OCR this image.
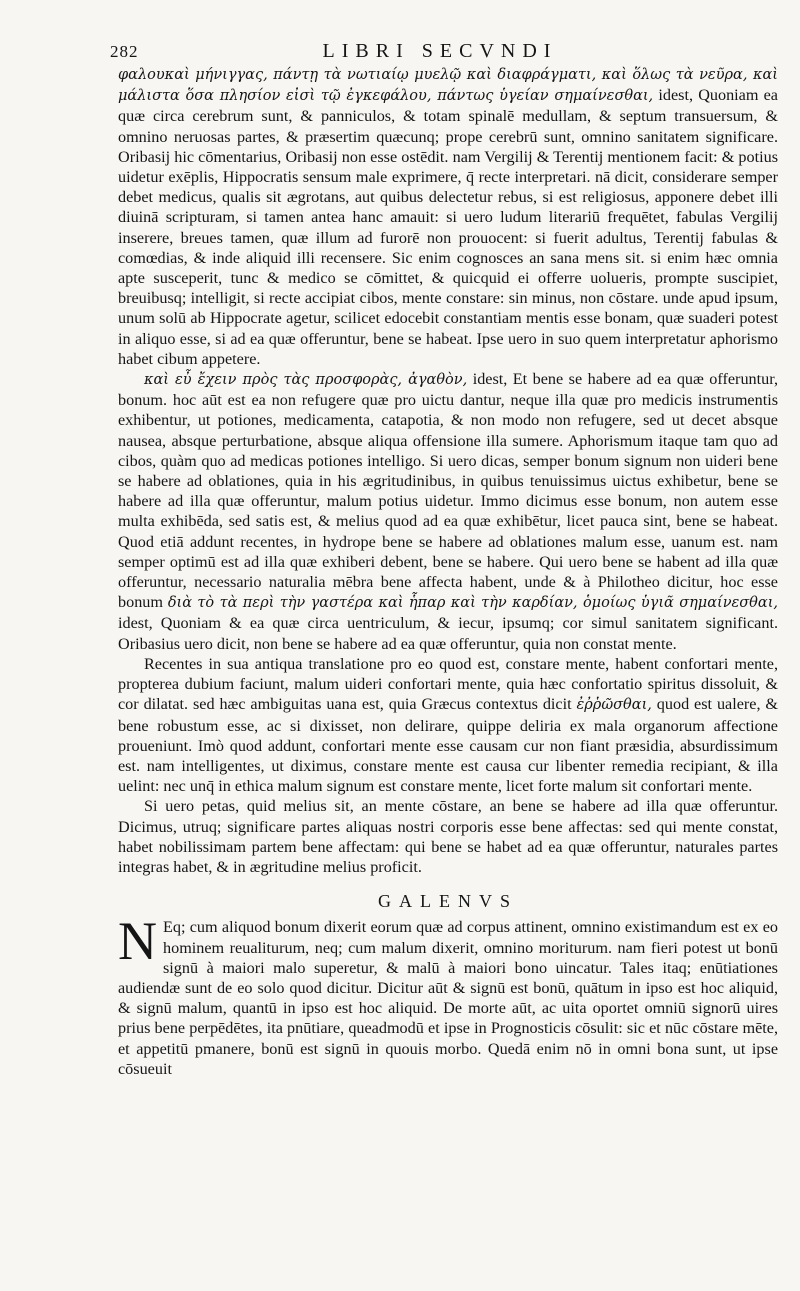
282	LIBRI SECVNDI

φαλουκαὶ μήνιγγας, πάντῃ τὰ νωτιαίῳ μυελῷ καὶ διαφράγματι, καὶ ὅλως τὰ νεῦρα, καὶ μάλιστα ὅσα πλησίον εἰσὶ τῷ ἐγκεφάλου, πάντως ὑγείαν σημαίνεσθαι, idest, Quoniam ea quæ circa cerebrum sunt, & panniculos, & totam spinalē medullam, & septum transuersum, & omnino neruosas partes, & præsertim quæcunq; prope cerebrū sunt, omnino sanitatem significare. Oribasij hic cōmentarius, Oribasij non esse ostēdit. nam Vergilij & Terentij mentionem facit: & potius uidetur exēplis, Hippocratis sensum male exprimere, q̄ recte interpretari. nā dicit, considerare semper debet medicus, qualis sit ægrotans, aut quibus delectetur rebus, si est religiosus, apponere debet illi diuinā scripturam, si tamen antea hanc amauit: si uero ludum literariū frequētet, fabulas Vergilij inserere, breues tamen, quæ illum ad furorē non prouocent: si fuerit adultus, Terentij fabulas & comœdias, & inde aliquid illi recensere. Sic enim cognosces an sana mens sit. si enim hæc omnia apte susceperit, tunc & medico se cōmittet, & quicquid ei offerre uolueris, prompte suscipiet, breuibusq; intelligit, si recte accipiat cibos, mente constare: sin minus, non cōstare. unde apud ipsum, unum solū ab Hippocrate agetur, scilicet edocebit constantiam mentis esse bonam, quæ suaderi potest in aliquo esse, si ad ea quæ offeruntur, bene se habeat. Ipse uero in suo quem interpretatur aphorismo habet cibum appetere.

καὶ εὖ ἔχειν πρὸς τὰς προσφορὰς, ἀγαθὸν, idest, Et bene se habere ad ea quæ offeruntur, bonum. hoc aūt est ea non refugere quæ pro uictu dantur, neque illa quæ pro medicis instrumentis exhibentur, ut potiones, medicamenta, catapotia, & non modo non refugere, sed ut decet absque nausea, absque perturbatione, absque aliqua offensione illa sumere. Aphorismum itaque tam quo ad cibos, quàm quo ad medicas potiones intelligo. Si uero dicas, semper bonum signum non uideri bene se habere ad oblationes, quia in his ægritudinibus, in quibus tenuissimus uictus exhibetur, bene se habere ad illa quæ offeruntur, malum potius uidetur. Immo dicimus esse bonum, non autem esse multa exhibēda, sed satis est, & melius quod ad ea quæ exhibētur, licet pauca sint, bene se habeat. Quod etiā addunt recentes, in hydrope bene se habere ad oblationes malum esse, uanum est. nam semper optimū est ad illa quæ exhiberi debent, bene se habere. Qui uero bene se habent ad illa quæ offeruntur, necessario naturalia mēbra bene affecta habent, unde & à Philotheo dicitur, hoc esse bonum διὰ τὸ τὰ περὶ τὴν γαστέρα καὶ ἧπαρ καὶ τὴν καρδίαν, ὁμοίως ὑγιᾶ σημαίνεσθαι, idest, Quoniam & ea quæ circa uentriculum, & iecur, ipsumq; cor simul sanitatem significant. Oribasius uero dicit, non bene se habere ad ea quæ offeruntur, quia non constat mente.

Recentes in sua antiqua translatione pro eo quod est, constare mente, habent confortari mente, propterea dubium faciunt, malum uideri confortari mente, quia hæc confortatio spiritus dissoluit, & cor dilatat. sed hæc ambiguitas uana est, quia Græcus contextus dicit ἐῤῥῶσθαι, quod est ualere, & bene robustum esse, ac si dixisset, non delirare, quippe deliria ex mala organorum affectione proueniunt. Imò quod addunt, confortari mente esse causam cur non fiant præsidia, absurdissimum est. nam intelligentes, ut diximus, constare mente est causa cur libenter remedia recipiant, & illa uelint: nec unq̄ in ethica malum signum est constare mente, licet forte malum sit confortari mente.

Si uero petas, quid melius sit, an mente cōstare, an bene se habere ad illa quæ offeruntur. Dicimus, utruq; significare partes aliquas nostri corporis esse bene affectas: sed qui mente constat, habet nobilissimam partem bene affectam: qui bene se habet ad ea quæ offeruntur, naturales partes integras habet, & in ægritudine melius proficit.

GALENVS

N Eq; cum aliquod bonum dixerit eorum quæ ad corpus attinent, omnino existimandum est ex eo hominem reualiturum, neq; cum malum dixerit, omnino moriturum. nam fieri potest ut bonū signū à maiori malo superetur, & malū à maiori bono uincatur. Tales itaq; enūtiationes audiendæ sunt de eo solo quod dicitur. Dicitur aūt & signū est bonū, quātum in ipso est hoc aliquid, & signū malum, quantū in ipso est hoc aliquid. De morte aūt, ac uita oportet omniū signorū uires prius bene perpēdētes, ita pnūtiare, queadmodū et ipse in Prognosticis cōsulit: sic et nūc cōstare mēte, et appetitū pmanere, bonū est signū in quouis morbo. Quedā enim nō in omni bona sunt, ut ipse cōsueuit
